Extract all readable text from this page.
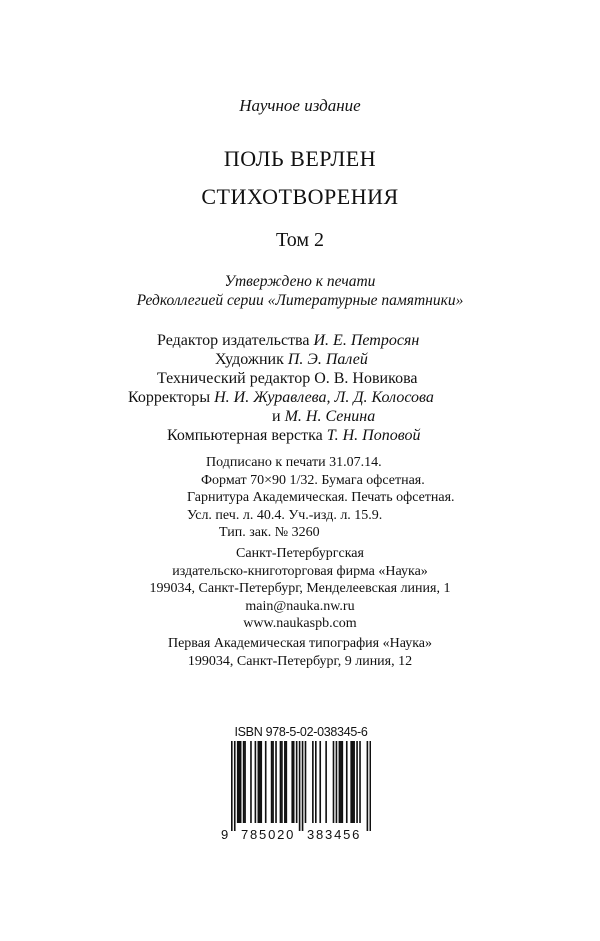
Научное издание
ПОЛЬ ВЕРЛЕН
СТИХОТВОРЕНИЯ
Том 2
Утверждено к печати
Редколлегией серии «Литературные памятники»
Редактор издательства И. Е. Петросян
Художник П. Э. Палей
Технический редактор О. В. Новикова
Корректоры Н. И. Журавлева, Л. Д. Колосова
и М. Н. Сенина
Компьютерная верстка Т. Н. Поповой
Подписано к печати 31.07.14.
Формат 70×90 1/32. Бумага офсетная.
Гарнитура Академическая. Печать офсетная.
Усл. печ. л. 40.4. Уч.-изд. л. 15.9.
Тип. зак. № 3260
Санкт-Петербургская
издательско-книготорговая фирма «Наука»
199034, Санкт-Петербург, Менделеевская линия, 1
main@nauka.nw.ru
www.naukaspb.com
Первая Академическая типография «Наука»
199034, Санкт-Петербург, 9 линия, 12
ISBN 978-5-02-038345-6
9 785020 383456
